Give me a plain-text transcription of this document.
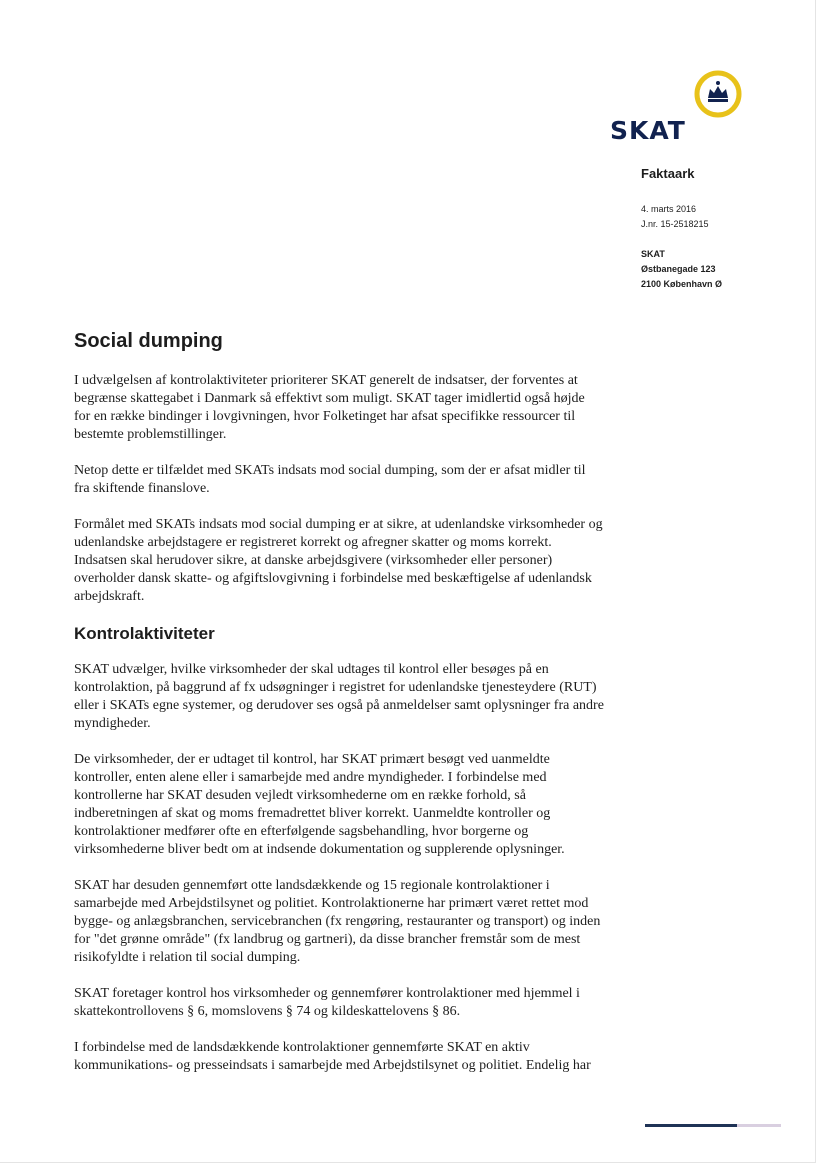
SKAT
Faktaark
4. marts 2016
J.nr. 15-2518215
SKAT
Østbanegade 123
2100 København Ø
Social dumping

I udvælgelsen af kontrolaktiviteter prioriterer SKAT generelt de indsatser, der forventes at begrænse skattegabet i Danmark så effektivt som muligt. SKAT tager imidlertid også højde for en række bindinger i lovgivningen, hvor Folketinget har afsat specifikke ressourcer til bestemte problemstillinger.

Netop dette er tilfældet med SKATs indsats mod social dumping, som der er afsat midler til fra skiftende finanslove.

Formålet med SKATs indsats mod social dumping er at sikre, at udenlandske virksomheder og udenlandske arbejdstagere er registreret korrekt og afregner skatter og moms korrekt. Indsatsen skal herudover sikre, at danske arbejdsgivere (virksomheder eller personer) overholder dansk skatte- og afgiftslovgivning i forbindelse med beskæftigelse af udenlandsk arbejdskraft.

Kontrolaktiviteter

SKAT udvælger, hvilke virksomheder der skal udtages til kontrol eller besøges på en kontrolaktion, på baggrund af fx udsøgninger i registret for udenlandske tjenesteydere (RUT) eller i SKATs egne systemer, og derudover ses også på anmeldelser samt oplysninger fra andre myndigheder.

De virksomheder, der er udtaget til kontrol, har SKAT primært besøgt ved uanmeldte kontroller, enten alene eller i samarbejde med andre myndigheder. I forbindelse med kontrollerne har SKAT desuden vejledt virksomhederne om en række forhold, så indberetningen af skat og moms fremadrettet bliver korrekt. Uanmeldte kontroller og kontrolaktioner medfører ofte en efterfølgende sagsbehandling, hvor borgerne og virksomhederne bliver bedt om at indsende dokumentation og supplerende oplysninger.

SKAT har desuden gennemført otte landsdækkende og 15 regionale kontrolaktioner i samarbejde med Arbejdstilsynet og politiet. Kontrolaktionerne har primært været rettet mod bygge- og anlægsbranchen, servicebranchen (fx rengøring, restauranter og transport) og inden for "det grønne område" (fx landbrug og gartneri), da disse brancher fremstår som de mest risikofyldte i relation til social dumping.

SKAT foretager kontrol hos virksomheder og gennemfører kontrolaktioner med hjemmel i skattekontrollovens § 6, momslovens § 74 og kildeskattelovens § 86.

I forbindelse med de landsdækkende kontrolaktioner gennemførte SKAT en aktiv kommunikations- og presseindsats i samarbejde med Arbejdstilsynet og politiet. Endelig har
